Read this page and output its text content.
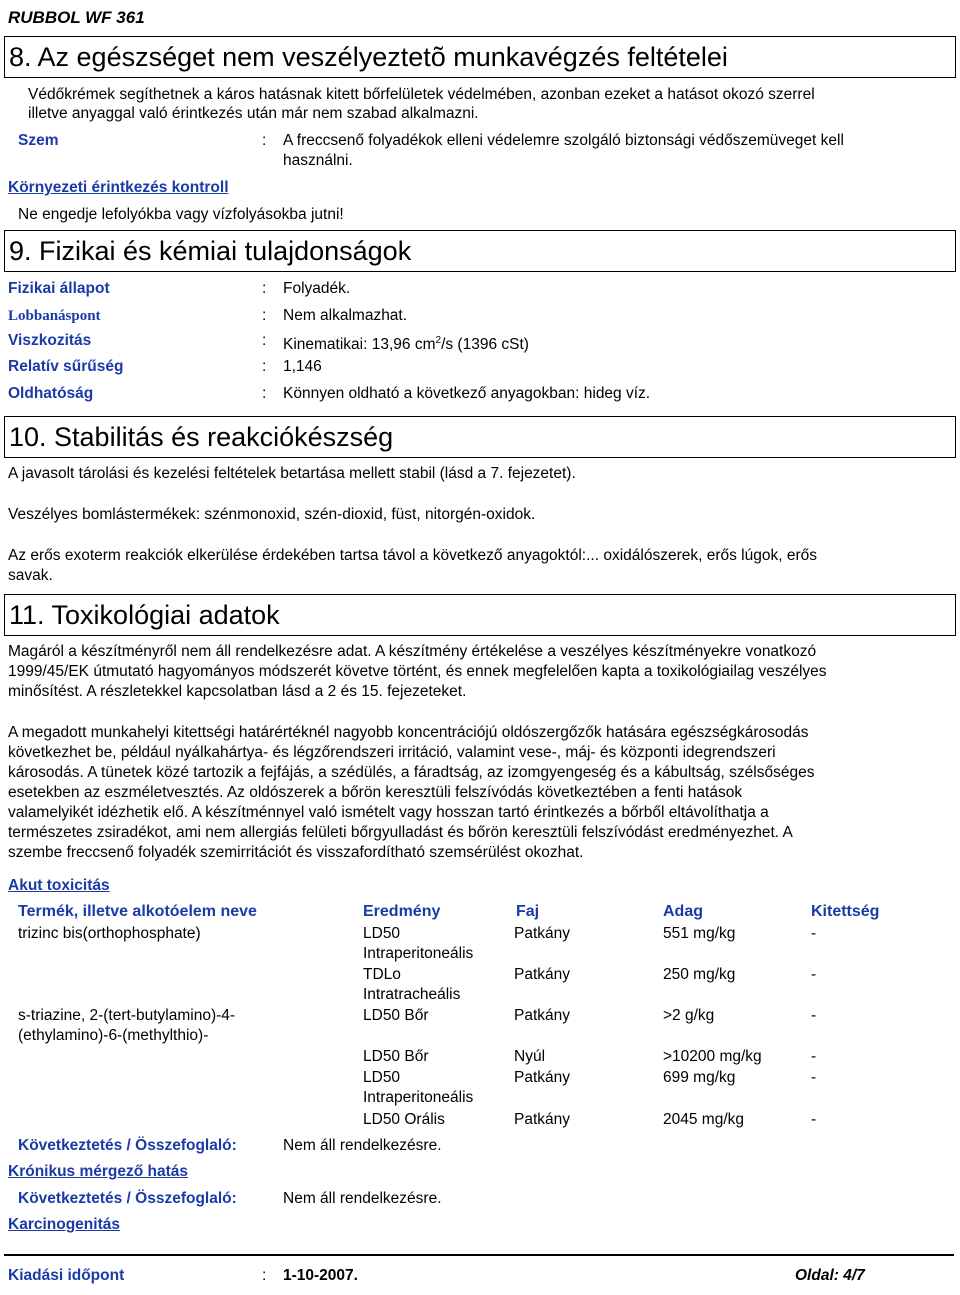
RUBBOL WF 361
8. Az egészséget nem veszélyeztetõ munkavégzés feltételei
Védőkrémek segíthetnek a káros hatásnak kitett bőrfelületek védelmében, azonban ezeket a hatásot okozó szerrel
illetve anyaggal való érintkezés után már nem szabad alkalmazni.
Szem	: A freccsenő folyadékok elleni védelemre szolgáló biztonsági védőszemüveget kell
használni.
Környezeti érintkezés kontroll
Ne engedje lefolyókba vagy vízfolyásokba jutni!
9. Fizikai és kémiai tulajdonságok
Fizikai állapot	: Folyadék.
Lobbanáspont	: Nem alkalmazhat.
Viszkozitás	: Kinematikai: 13,96 $cm^2/s$ (1396 cSt)
Relatív sűrűség	: 1,146
Oldhatóság	: Könnyen oldható a következő anyagokban: hideg víz.
10. Stabilitás és reakciókészség
A javasolt tárolási és kezelési feltételek betartása mellett stabil (lásd a 7. fejezetet).
Veszélyes bomlástermékek: szénmonoxid, szén-dioxid, füst, nitorgén-oxidok.
Az erős exoterm reakciók elkerülése érdekében tartsa távol a következő anyagoktól:... oxidálószerek, erős lúgok, erős
savak.
11. Toxikológiai adatok
Magáról a készítményről nem áll rendelkezésre adat. A készítmény értékelése a veszélyes készítményekre vonatkozó
1999/45/EK útmutató hagyományos módszerét követve történt, és ennek megfelelően kapta a toxikológiailag veszélyes
minősítést. A részletekkel kapcsolatban lásd a 2 és 15. fejezeteket.
A megadott munkahelyi kitettségi határértéknél nagyobb koncentrációjú oldószergőzők hatására egészségkárosodás
következhet be, például nyálkahártya- és légzőrendszeri irritáció, valamint vese-, máj- és központi idegrendszeri
károsodás. A tünetek közé tartozik a fejfájás, a szédülés, a fáradtság, az izomgyengeség és a kábultság, szélsőséges
esetekben az eszméletvesztés. Az oldószerek a bőrön keresztüli felszívódás következtében a fenti hatások
valamelyikét idézhetik elő. A készítménnyel való ismételt vagy hosszan tartó érintkezés a bőrből eltávolíthatja a
természetes zsiradékot, ami nem allergiás felületi bőrgyulladást és bőrön keresztüli felszívódást eredményezhet. A
szembe freccsenő folyadék szemirritációt és visszafordítható szemsérülést okozhat.
Akut toxicitás
Termék, illetve alkotóelem neve	Eredmény	Faj	Adag	Kitettség
trizinc bis(orthophosphate)	LD50
Intraperitoneális
Patkány	551 mg/kg	-
TDLo
Intratracheális
Patkány	250 mg/kg	-
s-triazine, 2-(tert-butylamino)-4-
(ethylamino)-6-(methylthio)-
LD50 Bőr	Patkány	>2 g/kg	-
LD50 Bőr	Nyúl	>10200 mg/kg	-
LD50
Intraperitoneális
Patkány	699 mg/kg	-
LD50 Orális	Patkány	2045 mg/kg	-
Következtetés / Összefoglaló:	Nem áll rendelkezésre.
Krónikus mérgező hatás
Következtetés / Összefoglaló:	Nem áll rendelkezésre.
Karcinogenitás
Kiadási időpont	: 1-10-2007.	Oldal: 4/7
